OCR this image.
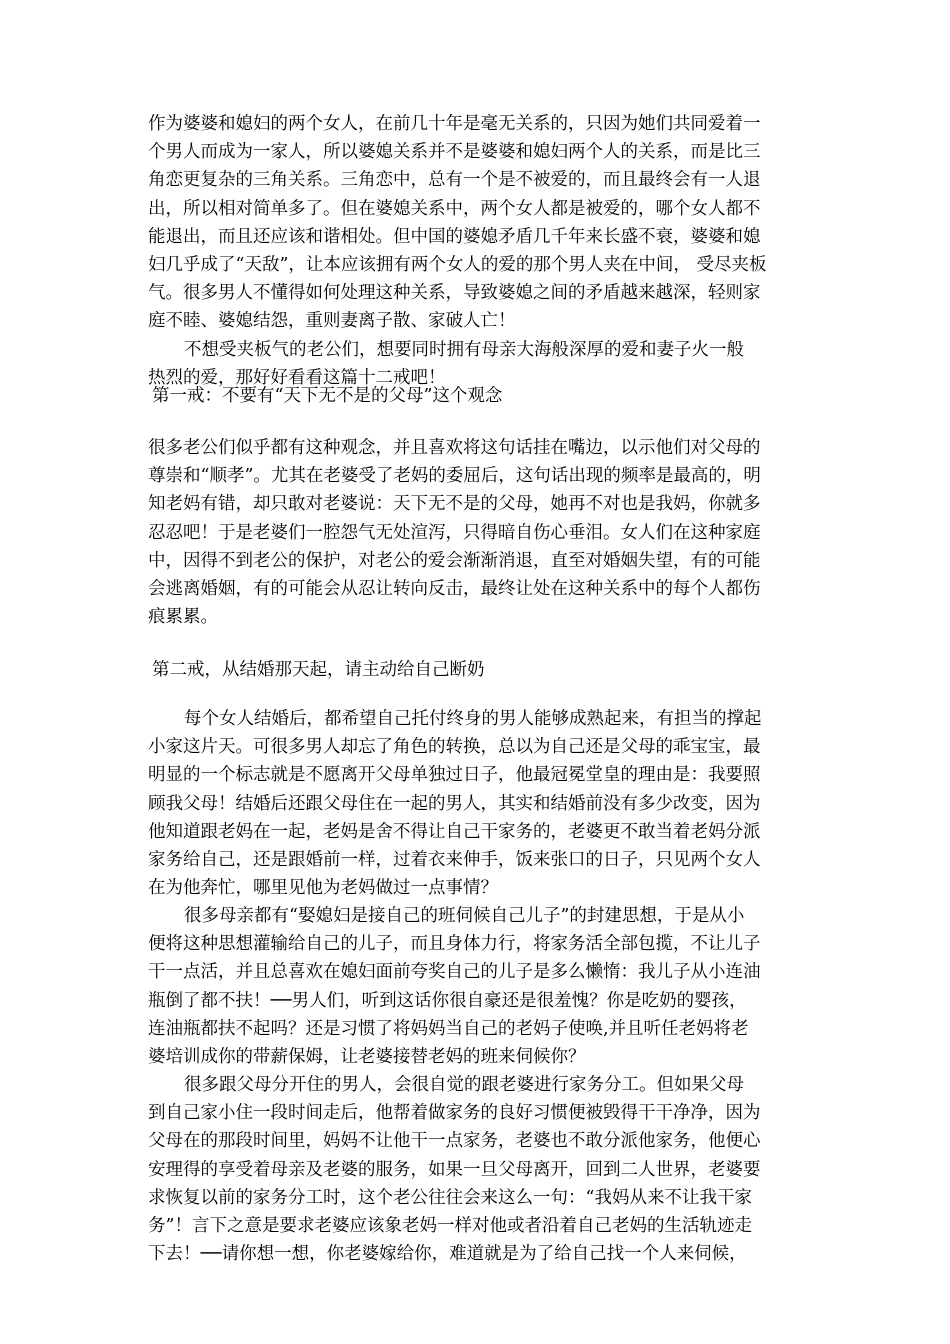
作为婆婆和媳妇的两个女人，在前几十年是毫无关系的，只因为她们共同爱着一
个男人而成为一家人，所以婆媳关系并不是婆婆和媳妇两个人的关系，而是比三
角恋更复杂的三角关系。三角恋中，总有一个是不被爱的，而且最终会有一人退
出，所以相对简单多了。但在婆媳关系中，两个女人都是被爱的，哪个女人都不
能退出，而且还应该和谐相处。但中国的婆媳矛盾几千年来长盛不衰，婆婆和媳
妇几乎成了“天敌”，让本应该拥有两个女人的爱的那个男人夹在中间， 受尽夹板
气。很多男人不懂得如何处理这种关系，导致婆媳之间的矛盾越来越深，轻则家
庭不睦、婆媳结怨，重则妻离子散、家破人亡！
不想受夹板气的老公们，想要同时拥有母亲大海般深厚的爱和妻子火一般
热烈的爱，那好好看看这篇十二戒吧！
第一戒：不要有“天下无不是的父母”这个观念
很多老公们似乎都有这种观念，并且喜欢将这句话挂在嘴边，以示他们对父母的
尊崇和“顺孝”。尤其在老婆受了老妈的委屈后，这句话出现的频率是最高的，明
知老妈有错，却只敢对老婆说：天下无不是的父母，她再不对也是我妈，你就多
忍忍吧！于是老婆们一腔怨气无处渲泻，只得暗自伤心垂泪。女人们在这种家庭
中，因得不到老公的保护，对老公的爱会渐渐消退，直至对婚姻失望，有的可能
会逃离婚姻，有的可能会从忍让转向反击，最终让处在这种关系中的每个人都伤
痕累累。
第二戒，从结婚那天起，请主动给自己断奶
每个女人结婚后，都希望自己托付终身的男人能够成熟起来，有担当的撑起
小家这片天。可很多男人却忘了角色的转换，总以为自己还是父母的乖宝宝，最
明显的一个标志就是不愿离开父母单独过日子，他最冠冕堂皇的理由是：我要照
顾我父母！结婚后还跟父母住在一起的男人，其实和结婚前没有多少改变，因为
他知道跟老妈在一起，老妈是舍不得让自己干家务的，老婆更不敢当着老妈分派
家务给自己，还是跟婚前一样，过着衣来伸手，饭来张口的日子，只见两个女人
在为他奔忙，哪里见他为老妈做过一点事情？
很多母亲都有“娶媳妇是接自己的班伺候自己儿子”的封建思想，于是从小
便将这种思想灌输给自己的儿子，而且身体力行，将家务活全部包揽，不让儿子
干一点活，并且总喜欢在媳妇面前夸奖自己的儿子是多么懒惰：我儿子从小连油
瓶倒了都不扶！──男人们，听到这话你很自豪还是很羞愧？你是吃奶的婴孩，
连油瓶都扶不起吗？还是习惯了将妈妈当自己的老妈子使唤,并且听任老妈将老
婆培训成你的带薪保姆，让老婆接替老妈的班来伺候你？
很多跟父母分开住的男人，会很自觉的跟老婆进行家务分工。但如果父母
到自己家小住一段时间走后，他帮着做家务的良好习惯便被毁得干干净净，因为
父母在的那段时间里，妈妈不让他干一点家务，老婆也不敢分派他家务，他便心
安理得的享受着母亲及老婆的服务，如果一旦父母离开，回到二人世界，老婆要
求恢复以前的家务分工时，这个老公往往会来这么一句：“我妈从来不让我干家
务”！言下之意是要求老婆应该象老妈一样对他或者沿着自己老妈的生活轨迹走
下去！──请你想一想，你老婆嫁给你，难道就是为了给自己找一个人来伺候，
